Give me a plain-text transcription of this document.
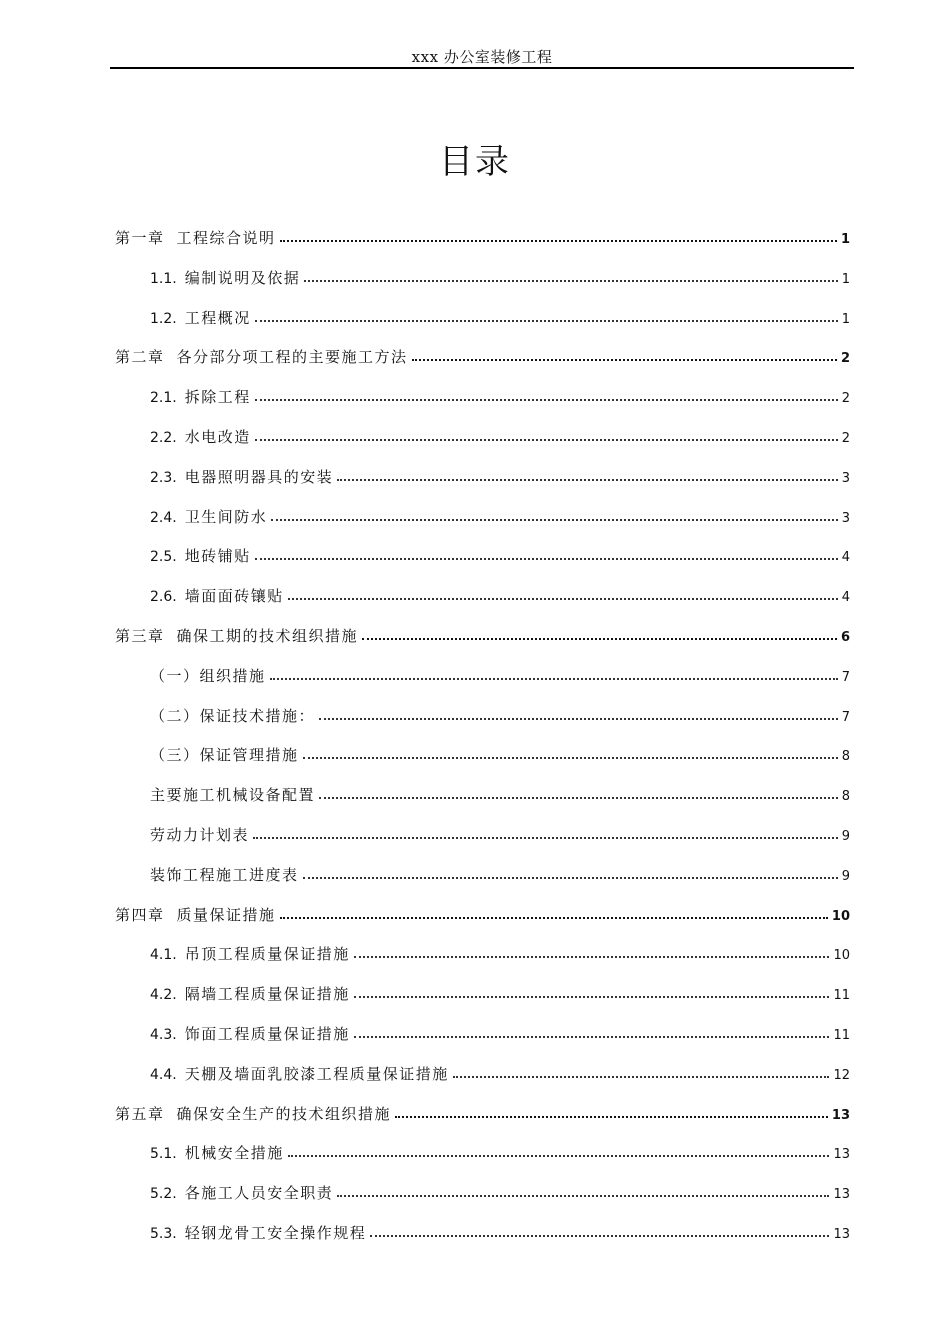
xxx 办公室装修工程
目录
第一章 工程综合说明	1
1.1. 编制说明及依据	1
1.2. 工程概况	1
第二章 各分部分项工程的主要施工方法	2
2.1. 拆除工程	2
2.2. 水电改造	2
2.3. 电器照明器具的安装	3
2.4. 卫生间防水	3
2.5. 地砖铺贴	4
2.6. 墙面面砖镶贴	4
第三章 确保工期的技术组织措施	6
（一）组织措施	7
（二）保证技术措施：	7
（三）保证管理措施	8
主要施工机械设备配置	8
劳动力计划表	9
装饰工程施工进度表	9
第四章 质量保证措施	10
4.1. 吊顶工程质量保证措施	10
4.2. 隔墙工程质量保证措施	11
4.3. 饰面工程质量保证措施	11
4.4. 天棚及墙面乳胶漆工程质量保证措施	12
第五章 确保安全生产的技术组织措施	13
5.1. 机械安全措施	13
5.2. 各施工人员安全职责	13
5.3. 轻钢龙骨工安全操作规程	13
